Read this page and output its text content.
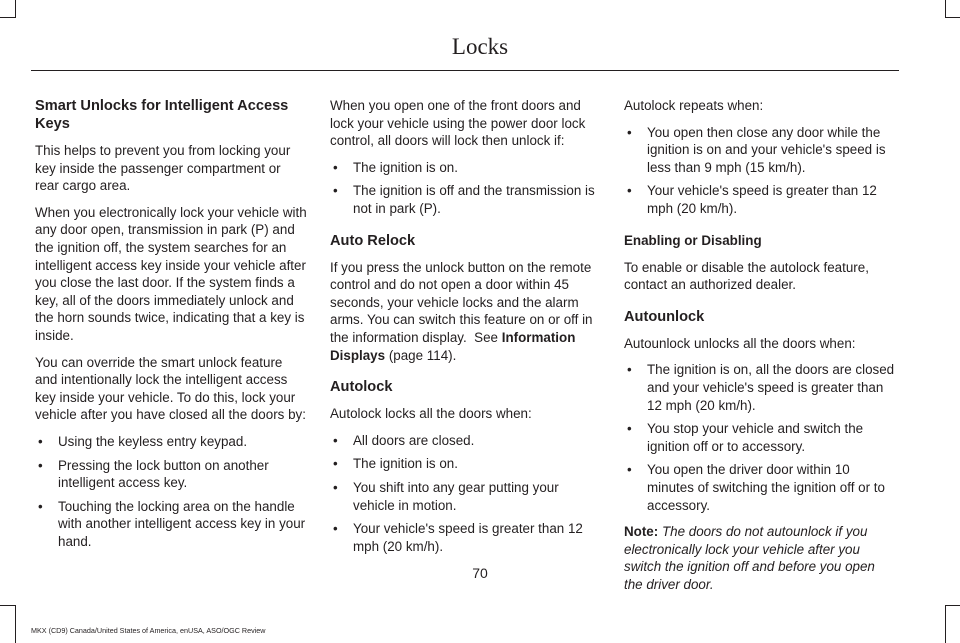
Locks
Smart Unlocks for Intelligent Access Keys

This helps to prevent you from locking your key inside the passenger compartment or rear cargo area.

When you electronically lock your vehicle with any door open, transmission in park (P) and the ignition off, the system searches for an intelligent access key inside your vehicle after you close the last door. If the system finds a key, all of the doors immediately unlock and the horn sounds twice, indicating that a key is inside.

You can override the smart unlock feature and intentionally lock the intelligent access key inside your vehicle. To do this, lock your vehicle after you have closed all the doors by:

• Using the keyless entry keypad.
• Pressing the lock button on another intelligent access key.
• Touching the locking area on the handle with another intelligent access key in your hand.

When you open one of the front doors and lock your vehicle using the power door lock control, all doors will lock then unlock if:

• The ignition is on.
• The ignition is off and the transmission is not in park (P).
Auto Relock

If you press the unlock button on the remote control and do not open a door within 45 seconds, your vehicle locks and the alarm arms. You can switch this feature on or off in the information display. See Information Displays (page 114).

Autolock

Autolock locks all the doors when:

• All doors are closed.
• The ignition is on.
• You shift into any gear putting your vehicle in motion.
• Your vehicle's speed is greater than 12 mph (20 km/h).

Autolock repeats when:

• You open then close any door while the ignition is on and your vehicle's speed is less than 9 mph (15 km/h).
• Your vehicle's speed is greater than 12 mph (20 km/h).
Enabling or Disabling

To enable or disable the autolock feature, contact an authorized dealer.

Autounlock

Autounlock unlocks all the doors when:

• The ignition is on, all the doors are closed and your vehicle's speed is greater than 12 mph (20 km/h).
• You stop your vehicle and switch the ignition off or to accessory.
• You open the driver door within 10 minutes of switching the ignition off or to accessory.

Note: The doors do not autounlock if you electronically lock your vehicle after you switch the ignition off and before you open the driver door.

70
MKX (CD9) Canada/United States of America, enUSA, ASO/OGC Review
